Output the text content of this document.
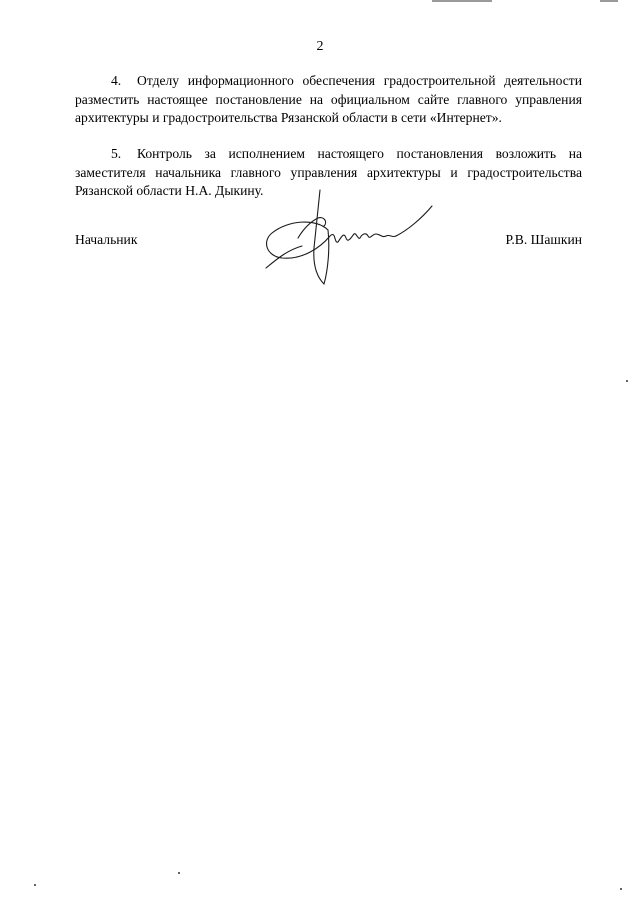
2

4. Отделу информационного обеспечения градостроительной деятельности разместить настоящее постановление на официальном сайте главного управления архитектуры и градостроительства Рязанской области в сети «Интернет».

5. Контроль за исполнением настоящего постановления возложить на заместителя начальника главного управления архитектуры и градостроительства Рязанской области Н.А. Дыкину.

Начальник	Р.В. Шашкин
